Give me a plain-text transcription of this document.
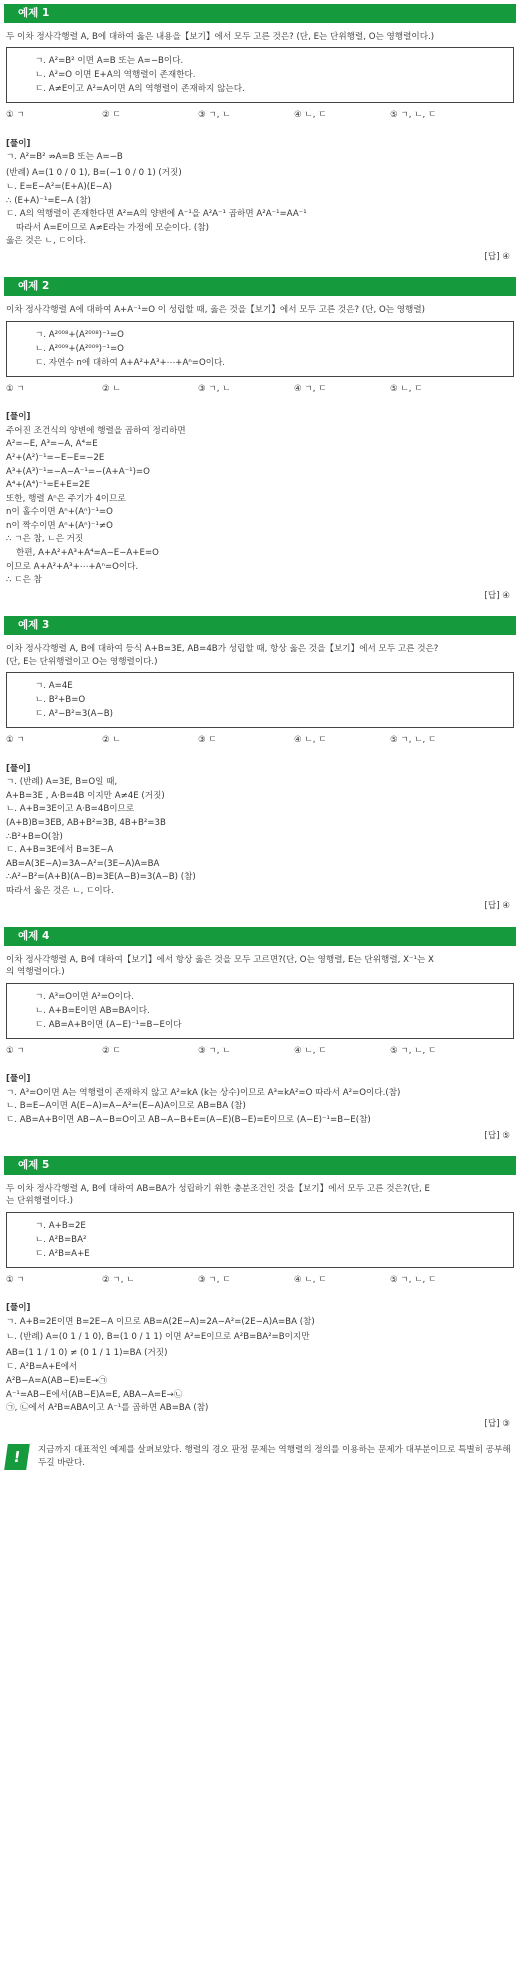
예제 1
두 이차 정사각행렬 A, B에 대하여 옳은 내용을【보기】에서 모두 고른 것은? (단, E는 단위행렬, O는 영행렬이다.)
ㄱ. A²=B² 이면 A=B 또는 A=−B이다.
ㄴ. A²=O 이면 E+A의 역행렬이 존재한다.
ㄷ. A≠E이고 A²=A이면 A의 역행렬이 존재하지 않는다.
① ㄱ	② ㄷ	③ ㄱ, ㄴ	④ ㄴ, ㄷ	⑤ ㄱ, ㄴ, ㄷ
[풀이]
ㄱ. A²=B² ⇏A=B 또는 A=−B
(반례) A=(1 0 / 0 1), B=(−1 0 / 0 1) (거짓)
ㄴ. E=E−A²=(E+A)(E−A)
∴ (E+A)⁻¹=E−A (참)
ㄷ. A의 역행렬이 존재한다면 A²=A의 양변에 A⁻¹을 A²A⁻¹ 곱하면 A²A⁻¹=AA⁻¹
따라서 A=E이므로 A≠E라는 가정에 모순이다. (참)
옳은 것은 ㄴ, ㄷ이다.
[답] ④
예제 2
이차 정사각행렬 A에 대하여 A+A⁻¹=O 이 성립할 때, 옳은 것을【보기】에서 모두 고른 것은? (단, O는 영행렬)
ㄱ. A²⁰⁰⁸+(A²⁰⁰⁸)⁻¹=O
ㄴ. A²⁰⁰⁹+(A²⁰⁰⁹)⁻¹=O
ㄷ. 자연수 n에 대하여 A+A²+A³+⋯+Aⁿ=O이다.
① ㄱ	② ㄴ	③ ㄱ, ㄴ	④ ㄱ, ㄷ	⑤ ㄴ, ㄷ
[풀이]
주어진 조건식의 양변에 행렬을 곱하여 정리하면
A²=−E, A³=−A, A⁴=E
A²+(A²)⁻¹=−E−E=−2E
A³+(A³)⁻¹=−A−A⁻¹=−(A+A⁻¹)=O
A⁴+(A⁴)⁻¹=E+E=2E
또한, 행렬 Aⁿ은 주기가 4이므로
n이 홀수이면 Aⁿ+(Aⁿ)⁻¹=O
n이 짝수이면 Aⁿ+(Aⁿ)⁻¹≠O
∴ ㄱ은 참, ㄴ은 거짓
한편, A+A²+A³+A⁴=A−E−A+E=O
이므로 A+A²+A³+⋯+Aⁿ=O이다.
∴ ㄷ은 참
[답] ④
예제 3
이차 정사각행렬 A, B에 대하여 등식 A+B=3E, AB=4B가 성립할 때, 항상 옳은 것을【보기】에서 모두 고른 것은?
(단, E는 단위행렬이고 O는 영행렬이다.)
ㄱ. A=4E
ㄴ. B²+B=O
ㄷ. A²−B²=3(A−B)
① ㄱ	② ㄴ	③ ㄷ	④ ㄴ, ㄷ	⑤ ㄱ, ㄴ, ㄷ
[풀이]
ㄱ. (반례) A=3E, B=O일 때,
A+B=3E , A·B=4B 이지만 A≠4E (거짓)
ㄴ. A+B=3E이고 A·B=4B이므로
(A+B)B=3EB, AB+B²=3B, 4B+B²=3B
∴B²+B=O(참)
ㄷ. A+B=3E에서 B=3E−A
AB=A(3E−A)=3A−A²=(3E−A)A=BA
∴A²−B²=(A+B)(A−B)=3E(A−B)=3(A−B) (참)
따라서 옳은 것은 ㄴ, ㄷ이다.
[답] ④
예제 4
이차 정사각행렬 A, B에 대하여【보기】에서 항상 옳은 것을 모두 고르면?(단, O는 영행렬, E는 단위행렬, X⁻¹는 X
의 역행렬이다.)
ㄱ. A³=O이면 A²=O이다.
ㄴ. A+B=E이면 AB=BA이다.
ㄷ. AB=A+B이면 (A−E)⁻¹=B−E이다
① ㄱ	② ㄷ	③ ㄱ, ㄴ	④ ㄴ, ㄷ	⑤ ㄱ, ㄴ, ㄷ
[풀이]
ㄱ. A³=O이면 A는 역행렬이 존재하지 않고 A²=kA (k는 상수)이므로 A³=kA²=O 따라서 A²=O이다.(참)
ㄴ. B=E−A이면 A(E−A)=A−A²=(E−A)A이므로 AB=BA (참)
ㄷ. AB=A+B이면 AB−A−B=O이고 AB−A−B+E=(A−E)(B−E)=E이므로 (A−E)⁻¹=B−E(참)
[답] ⑤
예제 5
두 이차 정사각행렬 A, B에 대하여 AB=BA가 성립하기 위한 충분조건인 것을【보기】에서 모두 고른 것은?(단, E
는 단위행렬이다.)
ㄱ. A+B=2E
ㄴ. A²B=BA²
ㄷ. A²B=A+E
① ㄱ	② ㄱ, ㄴ	③ ㄱ, ㄷ	④ ㄴ, ㄷ	⑤ ㄱ, ㄴ, ㄷ
[풀이]
ㄱ. A+B=2E이면 B=2E−A 이므로 AB=A(2E−A)=2A−A²=(2E−A)A=BA (참)
ㄴ. (반례) A=(0 1 / 1 0), B=(1 0 / 1 1) 이면 A²=E이므로 A²B=BA²=B이지만
AB=(1 1 / 1 0) ≠ (0 1 / 1 1)=BA (거짓)
ㄷ. A²B=A+E에서
A²B−A=A(AB−E)=E→㉠
A⁻¹=AB−E에서(AB−E)A=E, ABA−A=E→㉡
㉠, ㉡에서 A²B=ABA이고 A⁻¹를 곱하면 AB=BA (참)
[답] ③
!	지금까지 대표적인 예제를 살펴보았다. 행렬의 경오 판정 문제는 역행렬의 정의를 이용하는 문제가 대부분이므로 특별히 공부해두길 바란다.
